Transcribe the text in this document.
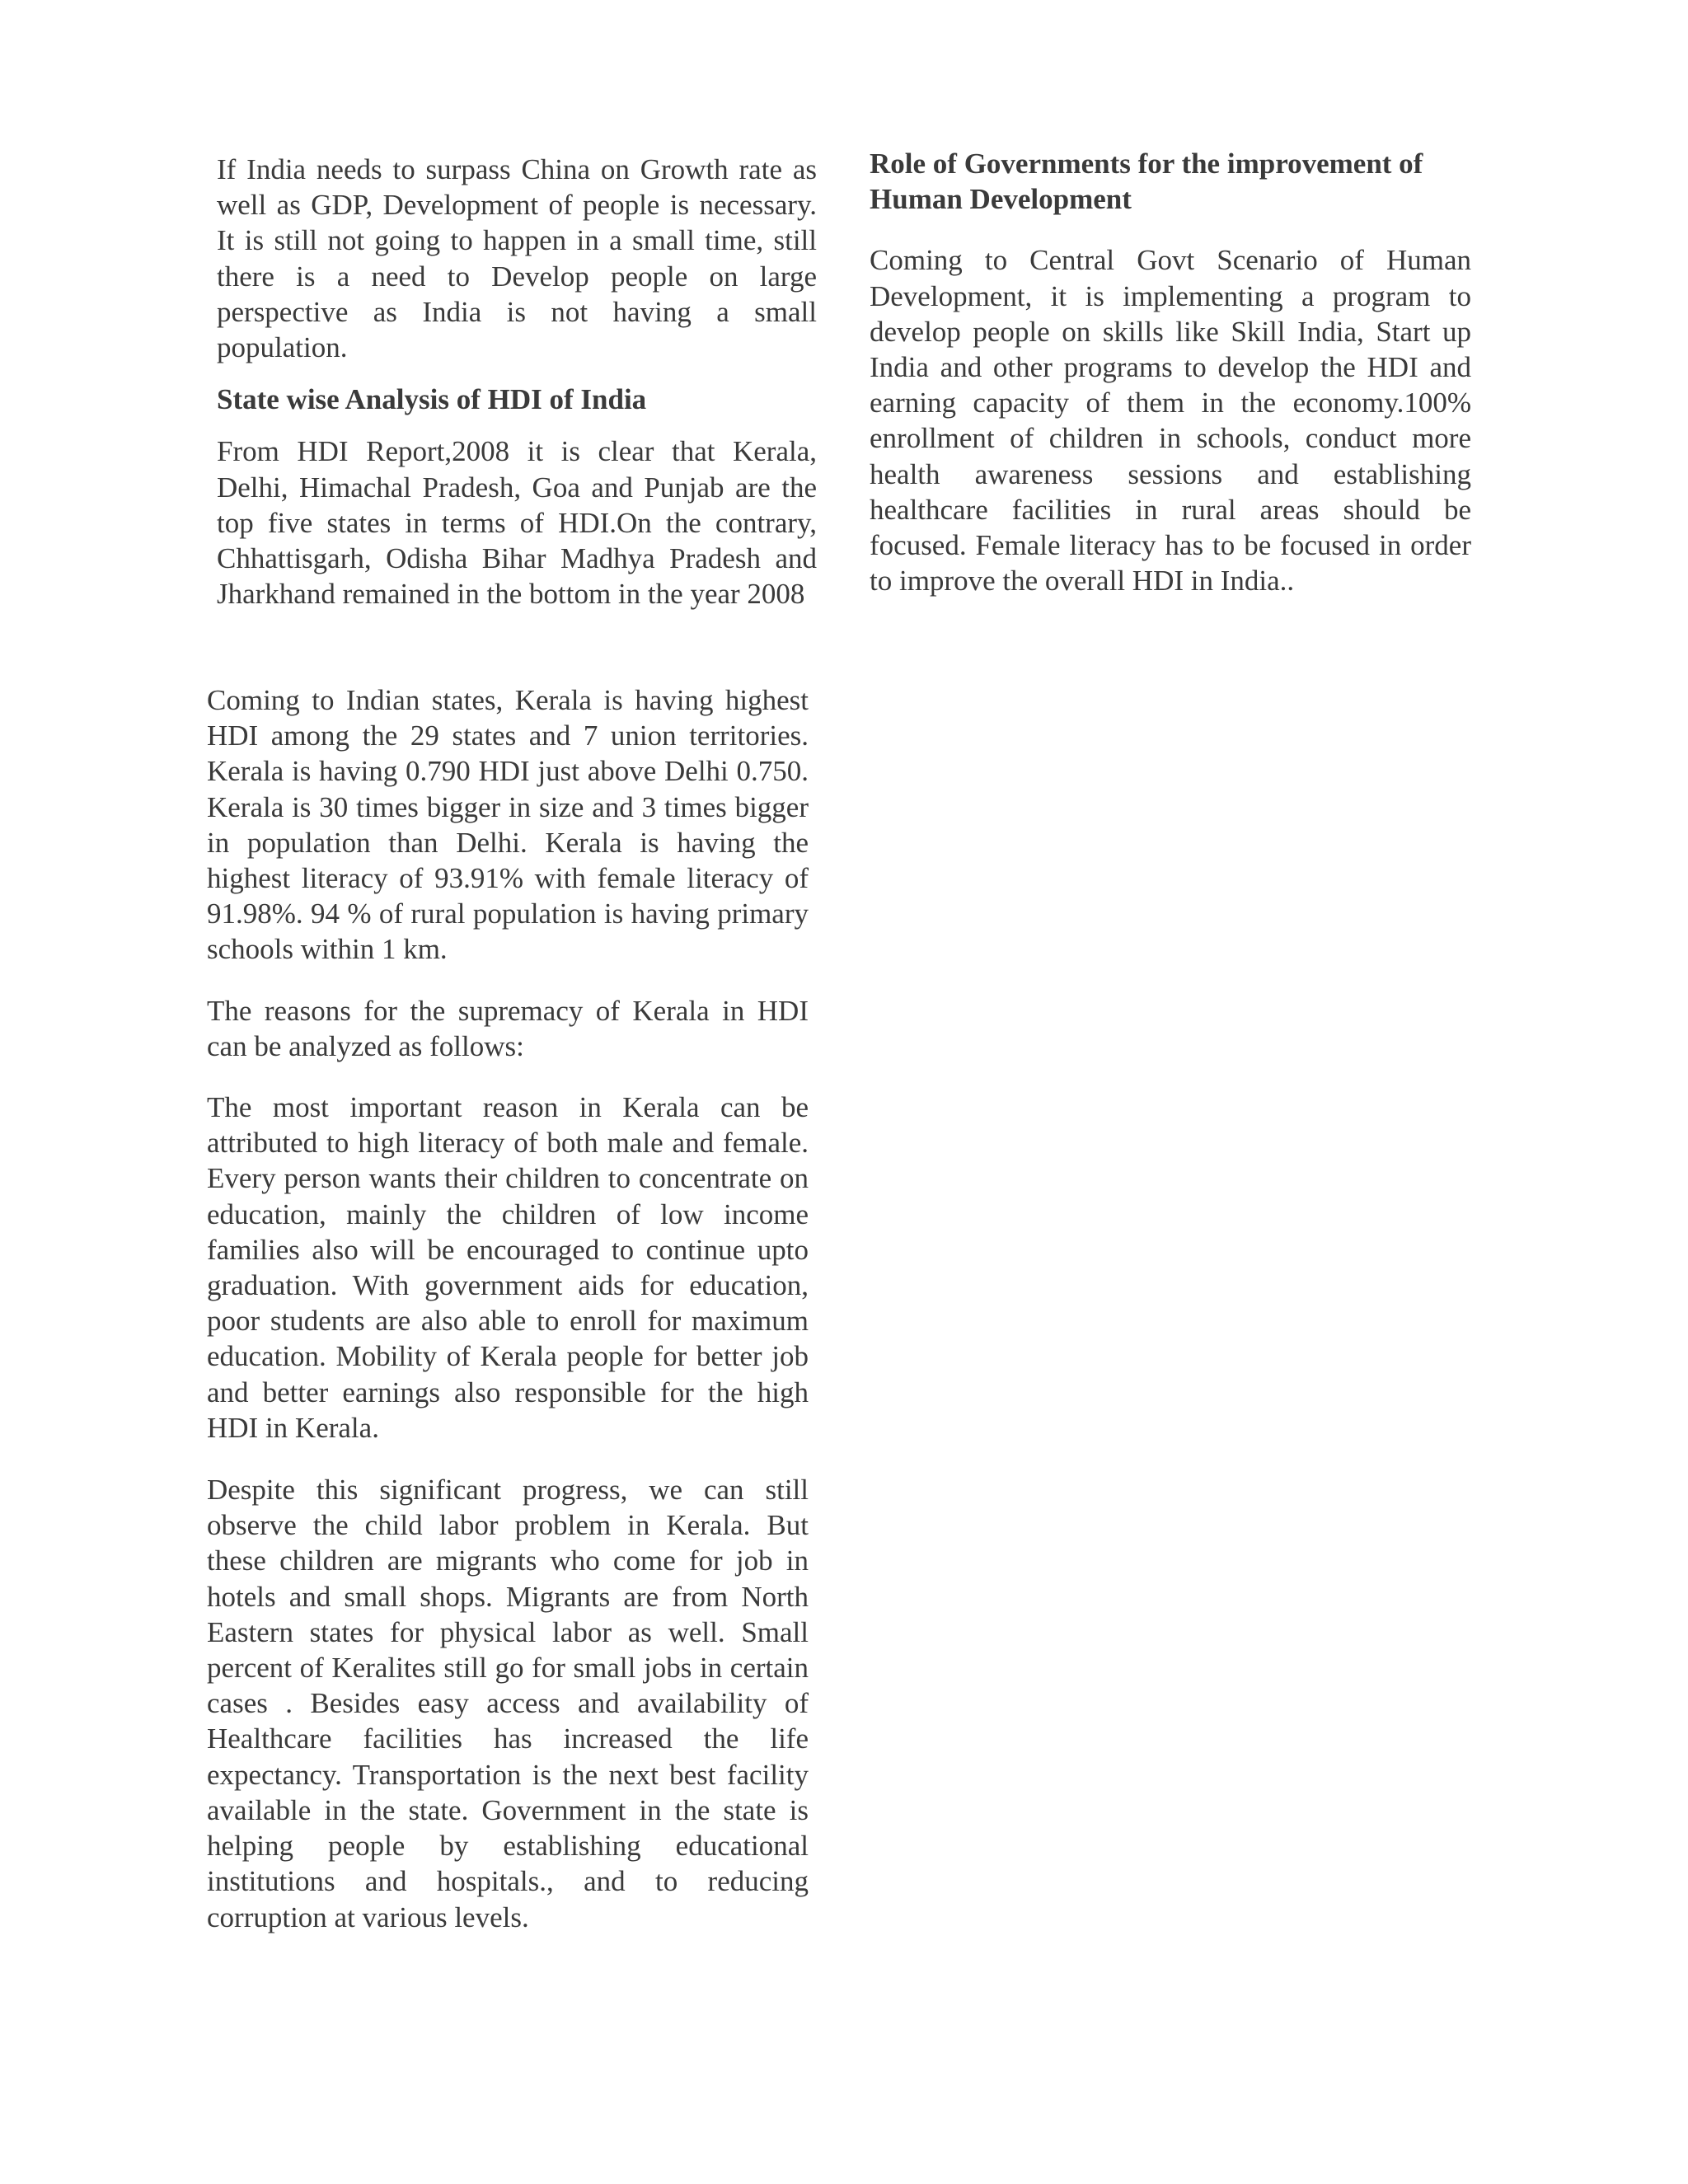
If India needs to surpass China on Growth rate as well as GDP, Development of people is necessary. It is still not going to happen in a small time, still there is a need to Develop people on large perspective as India is not having a small population.

State wise Analysis of HDI of India

From HDI Report,2008 it is clear that Kerala, Delhi, Himachal Pradesh, Goa and Punjab are the top five states in terms of HDI.On the contrary, Chhattisgarh, Odisha Bihar Madhya Pradesh and Jharkhand remained in the bottom in the year 2008

Coming to Indian states, Kerala is having highest HDI among the 29 states and 7 union territories. Kerala is having 0.790 HDI just above Delhi 0.750. Kerala is 30 times bigger in size and 3 times bigger in population than Delhi. Kerala is having the highest literacy of 93.91% with female literacy of 91.98%. 94 % of rural population is having primary schools within 1 km.

The reasons for the supremacy of Kerala in HDI can be analyzed as follows:

The most important reason in Kerala can be attributed to high literacy of both male and female. Every person wants their children to concentrate on education, mainly the children of low income families also will be encouraged to continue upto graduation. With government aids for education, poor students are also able to enroll for maximum education. Mobility of Kerala people for better job and better earnings also responsible for the high HDI in Kerala.

Despite this significant progress, we can still observe the child labor problem in Kerala. But these children are migrants who come for job in hotels and small shops. Migrants are from North Eastern states for physical labor as well. Small percent of Keralites still go for small jobs in certain cases . Besides easy access and availability of Healthcare facilities has increased the life expectancy. Transportation is the next best facility available in the state. Government in the state is helping people by establishing educational institutions and hospitals., and to reducing corruption at various levels.

Role of Governments for the improvement of Human Development

Coming to Central Govt Scenario of Human Development, it is implementing a program to develop people on skills like Skill India, Start up India and other programs to develop the HDI and earning capacity of them in the economy.100% enrollment of children in schools, conduct more health awareness sessions and establishing healthcare facilities in rural areas should be focused. Female literacy has to be focused in order to improve the overall HDI in India..
